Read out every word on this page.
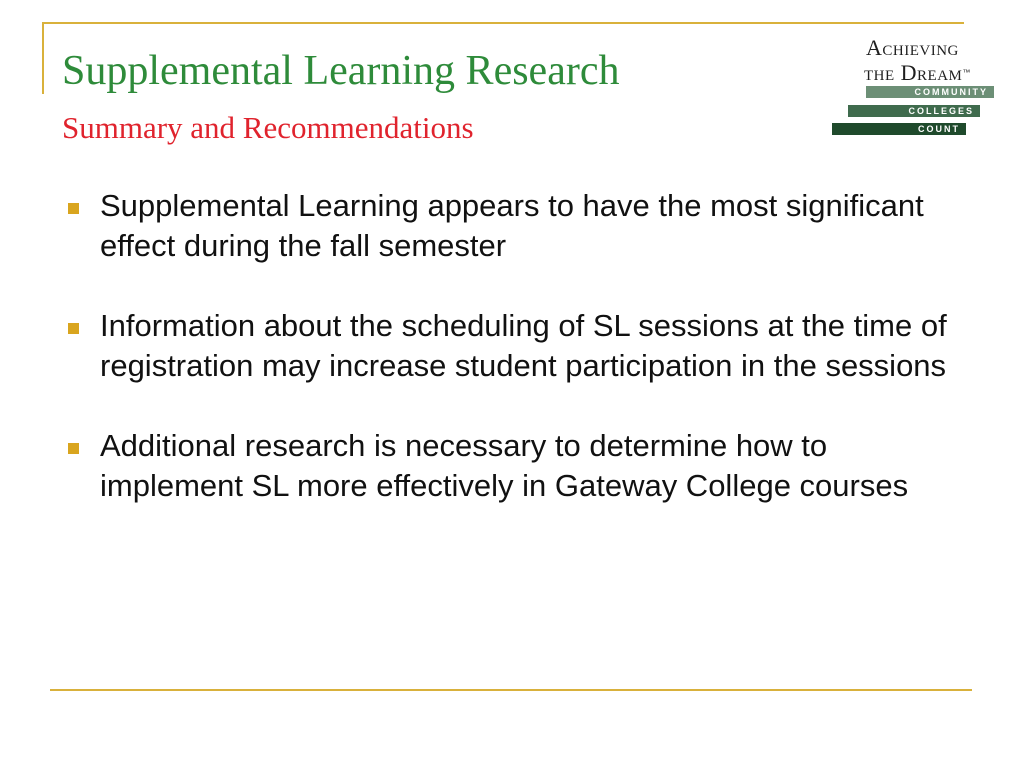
Supplemental Learning Research
Summary and Recommendations
Achieving
the Dream™
COMMUNITY
COLLEGES
COUNT
Supplemental Learning appears to have the most significant effect during the fall semester
Information about the scheduling of SL sessions at the time of registration may increase student participation in the sessions
Additional research is necessary to determine how to implement SL more effectively in Gateway College courses
